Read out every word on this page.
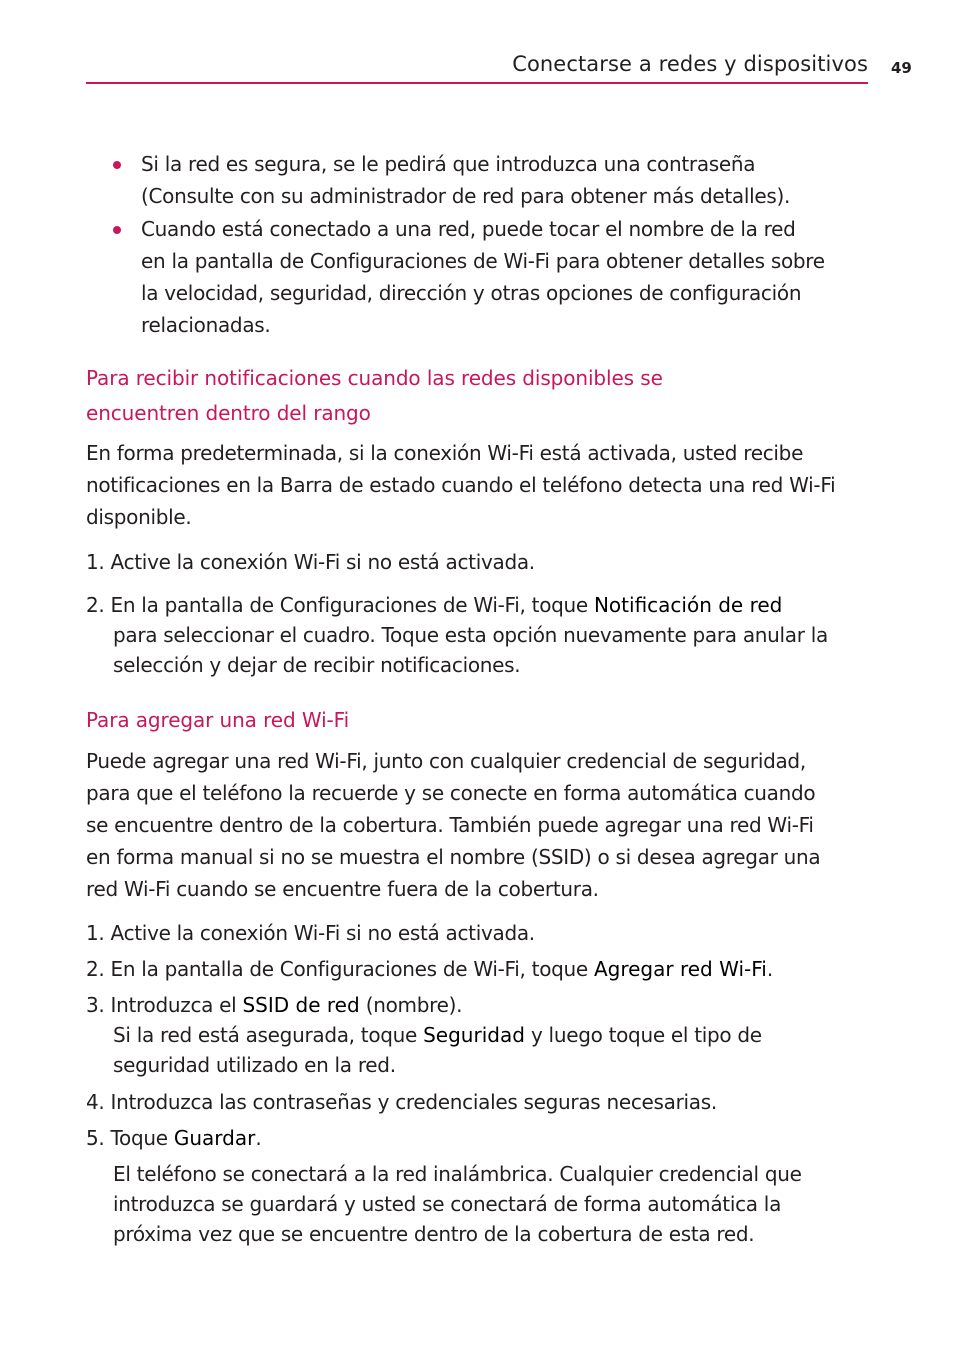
Conectarse a redes y dispositivos 49
Si la red es segura, se le pedirá que introduzca una contraseña
(Consulte con su administrador de red para obtener más detalles).
Cuando está conectado a una red, puede tocar el nombre de la red
en la pantalla de Configuraciones de Wi-Fi para obtener detalles sobre
la velocidad, seguridad, dirección y otras opciones de configuración
relacionadas.
Para recibir notificaciones cuando las redes disponibles se
encuentren dentro del rango
En forma predeterminada, si la conexión Wi-Fi está activada, usted recibe
notificaciones en la Barra de estado cuando el teléfono detecta una red Wi-Fi
disponible.
1. Active la conexión Wi-Fi si no está activada.
2. En la pantalla de Configuraciones de Wi-Fi, toque Notificación de red
para seleccionar el cuadro. Toque esta opción nuevamente para anular la
selección y dejar de recibir notificaciones.
Para agregar una red Wi-Fi
Puede agregar una red Wi-Fi, junto con cualquier credencial de seguridad,
para que el teléfono la recuerde y se conecte en forma automática cuando
se encuentre dentro de la cobertura. También puede agregar una red Wi-Fi
en forma manual si no se muestra el nombre (SSID) o si desea agregar una
red Wi-Fi cuando se encuentre fuera de la cobertura.
1. Active la conexión Wi-Fi si no está activada.
2. En la pantalla de Configuraciones de Wi-Fi, toque Agregar red Wi-Fi.
3. Introduzca el SSID de red (nombre).
Si la red está asegurada, toque Seguridad y luego toque el tipo de
seguridad utilizado en la red.
4. Introduzca las contraseñas y credenciales seguras necesarias.
5. Toque Guardar.
El teléfono se conectará a la red inalámbrica. Cualquier credencial que
introduzca se guardará y usted se conectará de forma automática la
próxima vez que se encuentre dentro de la cobertura de esta red.
